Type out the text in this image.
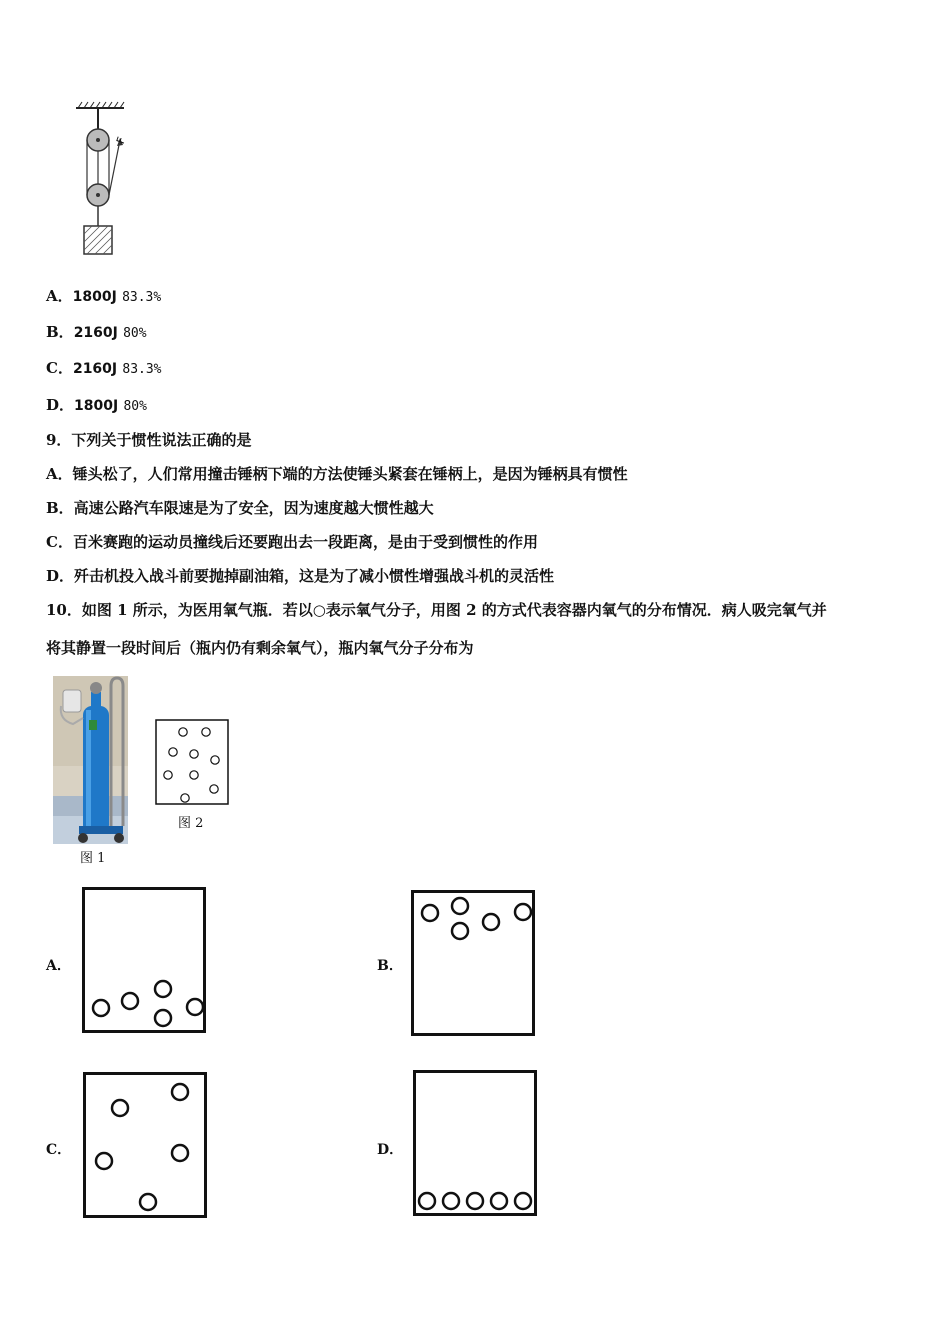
F
A．1800J 83.3%
B．2160J 80%
C．2160J 83.3%
D．1800J 80%
9．下列关于惯性说法正确的是
A．锤头松了，人们常用撞击锤柄下端的方法使锤头紧套在锤柄上，是因为锤柄具有惯性
B．高速公路汽车限速是为了安全，因为速度越大惯性越大
C．百米赛跑的运动员撞线后还要跑出去一段距离，是由于受到惯性的作用
D．歼击机投入战斗前要抛掉副油箱，这是为了减小惯性增强战斗机的灵活性
10．如图 1 所示，为医用氧气瓶．若以○表示氧气分子，用图 2 的方式代表容器内氧气的分布情况．病人吸完氧气并
将其静置一段时间后（瓶内仍有剩余氧气），瓶内氧气分子分布为
图 1
图 2
A．	B．
C．	D．
